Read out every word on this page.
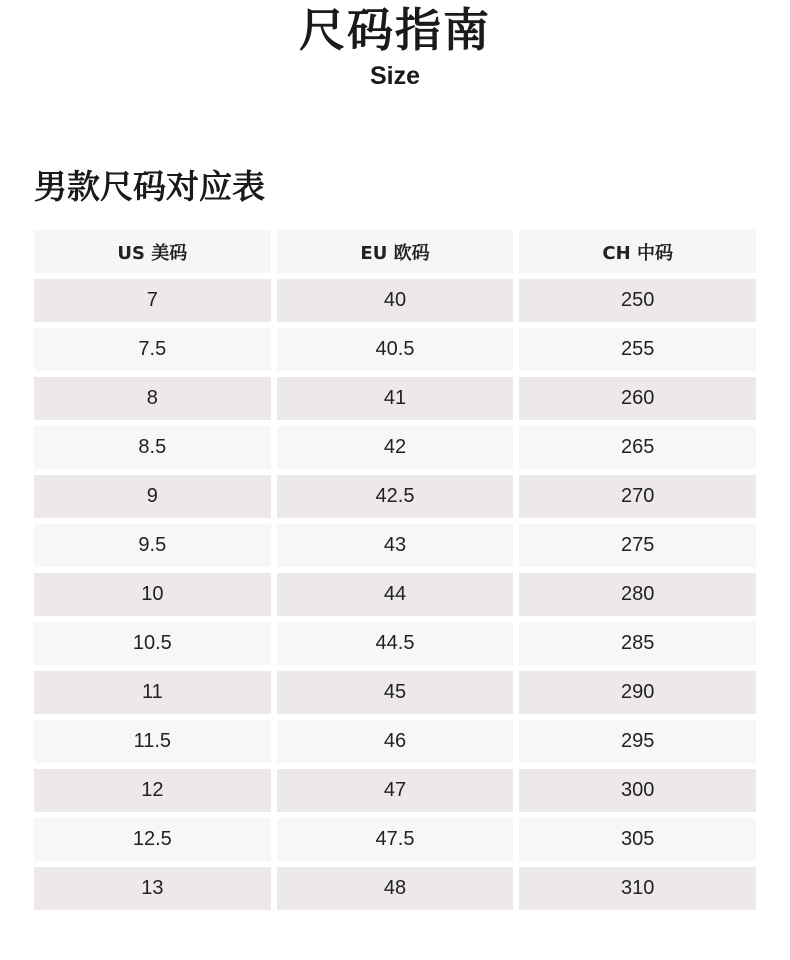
尺码指南
Size
男款尺码对应表
US 美码	EU 欧码	CH 中码
7	40	250
7.5	40.5	255
8	41	260
8.5	42	265
9	42.5	270
9.5	43	275
10	44	280
10.5	44.5	285
11	45	290
11.5	46	295
12	47	300
12.5	47.5	305
13	48	310
